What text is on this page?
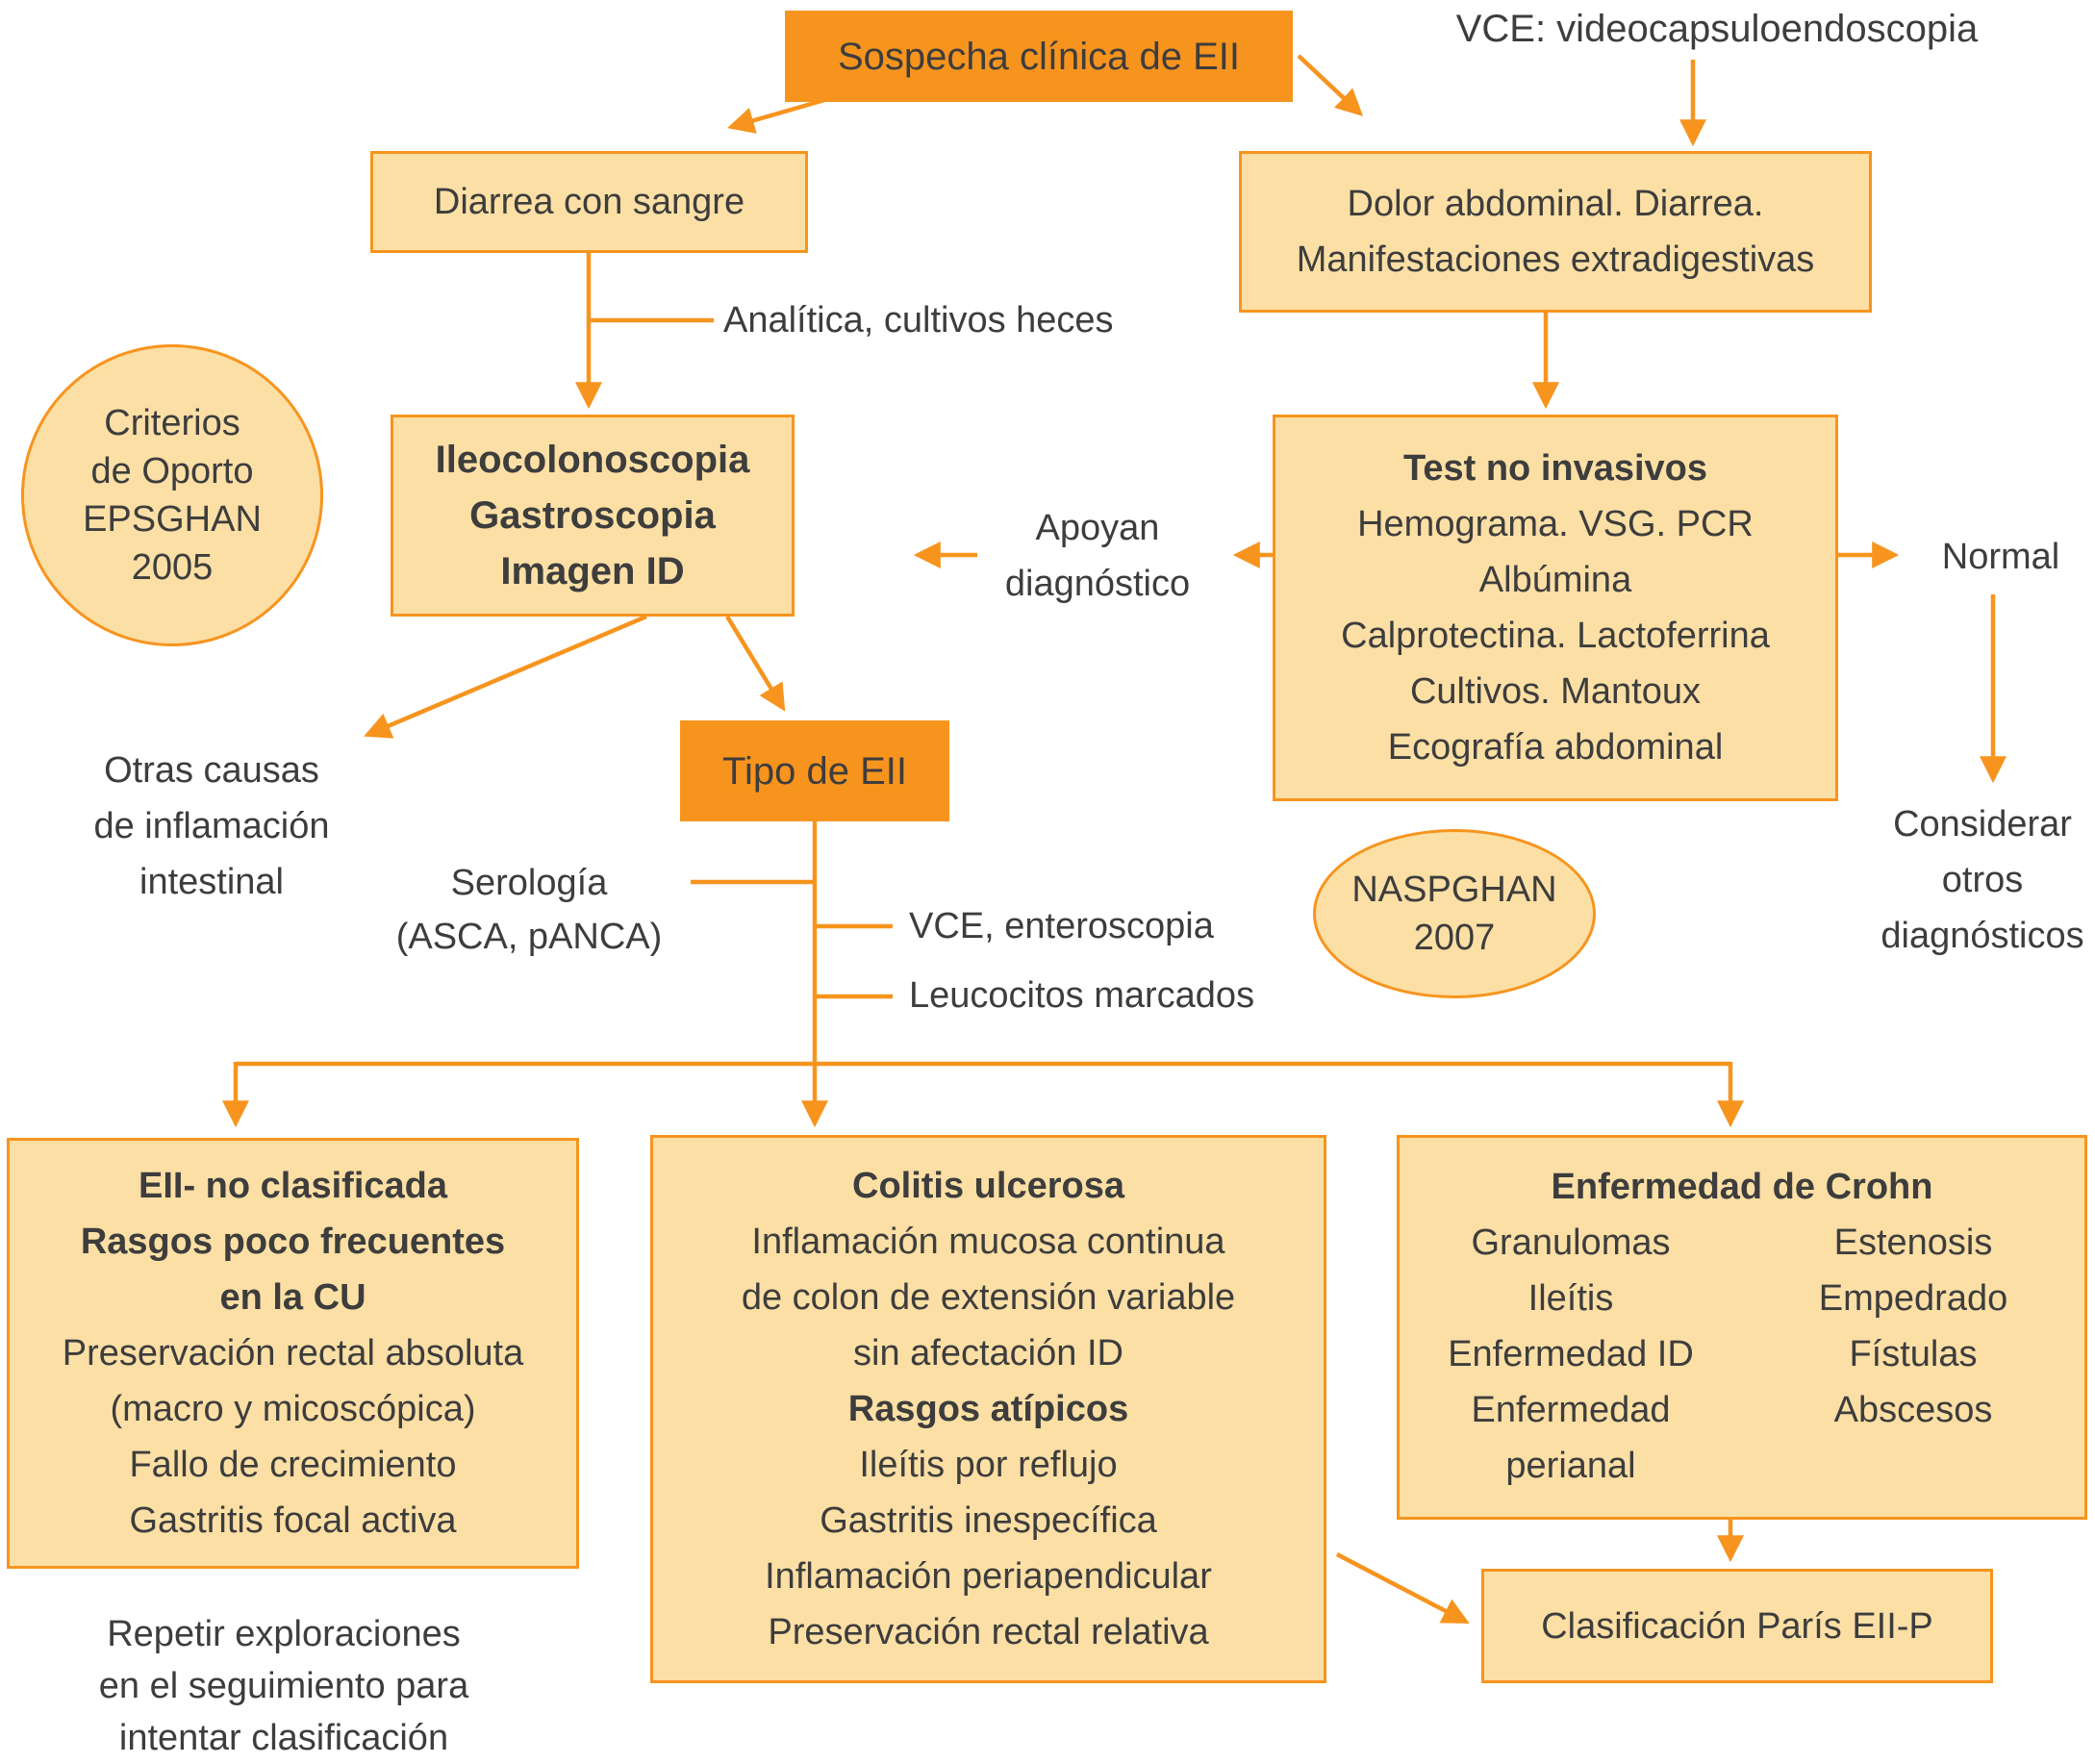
Sospecha clínica de EII
VCE: videocapsuloendoscopia
Diarrea con sangre	Dolor abdominal. Diarrea.
Manifestaciones extradigestivas
Analítica, cultivos heces
Criterios
de Oporto
EPSGHAN
2005
Ileocolonoscopia
Gastroscopia
Imagen ID
Test no invasivos
Hemograma. VSG. PCR
Albúmina
Calprotectina. Lactoferrina
Cultivos. Mantoux
Ecografía abdominal
Apoyan
diagnóstico
Normal
Considerar
otros
diagnósticos
Otras causas
de inflamación
intestinal
Tipo de EII
Serología
(ASCA, pANCA)	VCE, enteroscopia
Leucocitos marcados
NASPGHAN
2007
EII- no clasificada
Rasgos poco frecuentes
en la CU
Preservación rectal absoluta
(macro y micoscópica)
Fallo de crecimiento
Gastritis focal activa
Colitis ulcerosa
Inflamación mucosa continua
de colon de extensión variable
sin afectación ID
Rasgos atípicos
Ileítis por reflujo
Gastritis inespecífica
Inflamación periapendicular
Preservación rectal relativa
Enfermedad de Crohn
Granulomas
Ileítis
Enfermedad ID
Enfermedad
perianal
Estenosis
Empedrado
Fístulas
Abscesos
Repetir exploraciones
en el seguimiento para
intentar clasificación
Clasificación París EII-P
